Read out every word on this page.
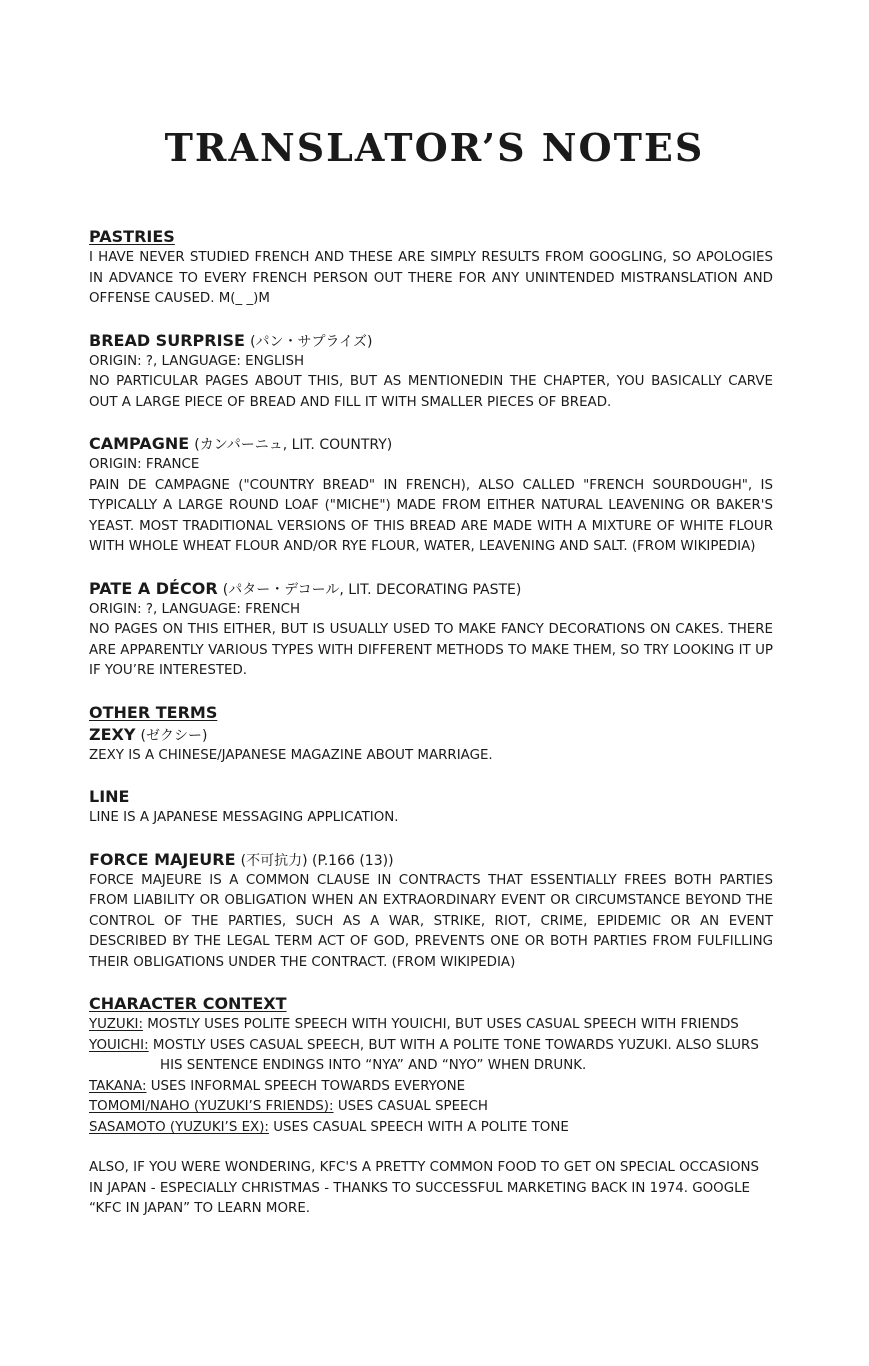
TRANSLATOR’S NOTES
PASTRIES
I HAVE NEVER STUDIED FRENCH AND THESE ARE SIMPLY RESULTS FROM GOOGLING, SO APOLOGIES IN ADVANCE TO EVERY FRENCH PERSON OUT THERE FOR ANY UNINTENDED MISTRANSLATION AND OFFENSE CAUSED. M(_ _)M
BREAD SURPRISE (パン・サプライズ)
ORIGIN: ?, LANGUAGE: ENGLISH
NO PARTICULAR PAGES ABOUT THIS, BUT AS MENTIONEDIN THE CHAPTER, YOU BASICALLY CARVE OUT A LARGE PIECE OF BREAD AND FILL IT WITH SMALLER PIECES OF BREAD.
CAMPAGNE (カンパーニュ, LIT. COUNTRY)
ORIGIN: FRANCE
PAIN DE CAMPAGNE ("COUNTRY BREAD" IN FRENCH), ALSO CALLED "FRENCH SOURDOUGH", IS TYPICALLY A LARGE ROUND LOAF ("MICHE") MADE FROM EITHER NATURAL LEAVENING OR BAKER'S YEAST. MOST TRADITIONAL VERSIONS OF THIS BREAD ARE MADE WITH A MIXTURE OF WHITE FLOUR WITH WHOLE WHEAT FLOUR AND/OR RYE FLOUR, WATER, LEAVENING AND SALT. (FROM WIKIPEDIA)
PATE A DÉCOR (パター・デコール, LIT. DECORATING PASTE)
ORIGIN: ?, LANGUAGE: FRENCH
NO PAGES ON THIS EITHER, BUT IS USUALLY USED TO MAKE FANCY DECORATIONS ON CAKES. THERE ARE APPARENTLY VARIOUS TYPES WITH DIFFERENT METHODS TO MAKE THEM, SO TRY LOOKING IT UP IF YOU’RE INTERESTED.
OTHER TERMS
ZEXY (ゼクシー)
ZEXY IS A CHINESE/JAPANESE MAGAZINE ABOUT MARRIAGE.
LINE
LINE IS A JAPANESE MESSAGING APPLICATION.
FORCE MAJEURE (不可抗力) (P.166 (13))
FORCE MAJEURE IS A COMMON CLAUSE IN CONTRACTS THAT ESSENTIALLY FREES BOTH PARTIES FROM LIABILITY OR OBLIGATION WHEN AN EXTRAORDINARY EVENT OR CIRCUMSTANCE BEYOND THE CONTROL OF THE PARTIES, SUCH AS A WAR, STRIKE, RIOT, CRIME, EPIDEMIC OR AN EVENT DESCRIBED BY THE LEGAL TERM ACT OF GOD, PREVENTS ONE OR BOTH PARTIES FROM FULFILLING THEIR OBLIGATIONS UNDER THE CONTRACT. (FROM WIKIPEDIA)
CHARACTER CONTEXT
YUZUKI: MOSTLY USES POLITE SPEECH WITH YOUICHI, BUT USES CASUAL SPEECH WITH FRIENDS
YOUICHI: MOSTLY USES CASUAL SPEECH, BUT WITH A POLITE TONE TOWARDS YUZUKI. ALSO SLURS
HIS SENTENCE ENDINGS INTO “NYA” AND “NYO” WHEN DRUNK.
TAKANA: USES INFORMAL SPEECH TOWARDS EVERYONE
TOMOMI/NAHO (YUZUKI’S FRIENDS): USES CASUAL SPEECH
SASAMOTO (YUZUKI’S EX): USES CASUAL SPEECH WITH A POLITE TONE
ALSO, IF YOU WERE WONDERING, KFC'S A PRETTY COMMON FOOD TO GET ON SPECIAL OCCASIONS
IN JAPAN - ESPECIALLY CHRISTMAS - THANKS TO SUCCESSFUL MARKETING BACK IN 1974. GOOGLE
“KFC IN JAPAN” TO LEARN MORE.
